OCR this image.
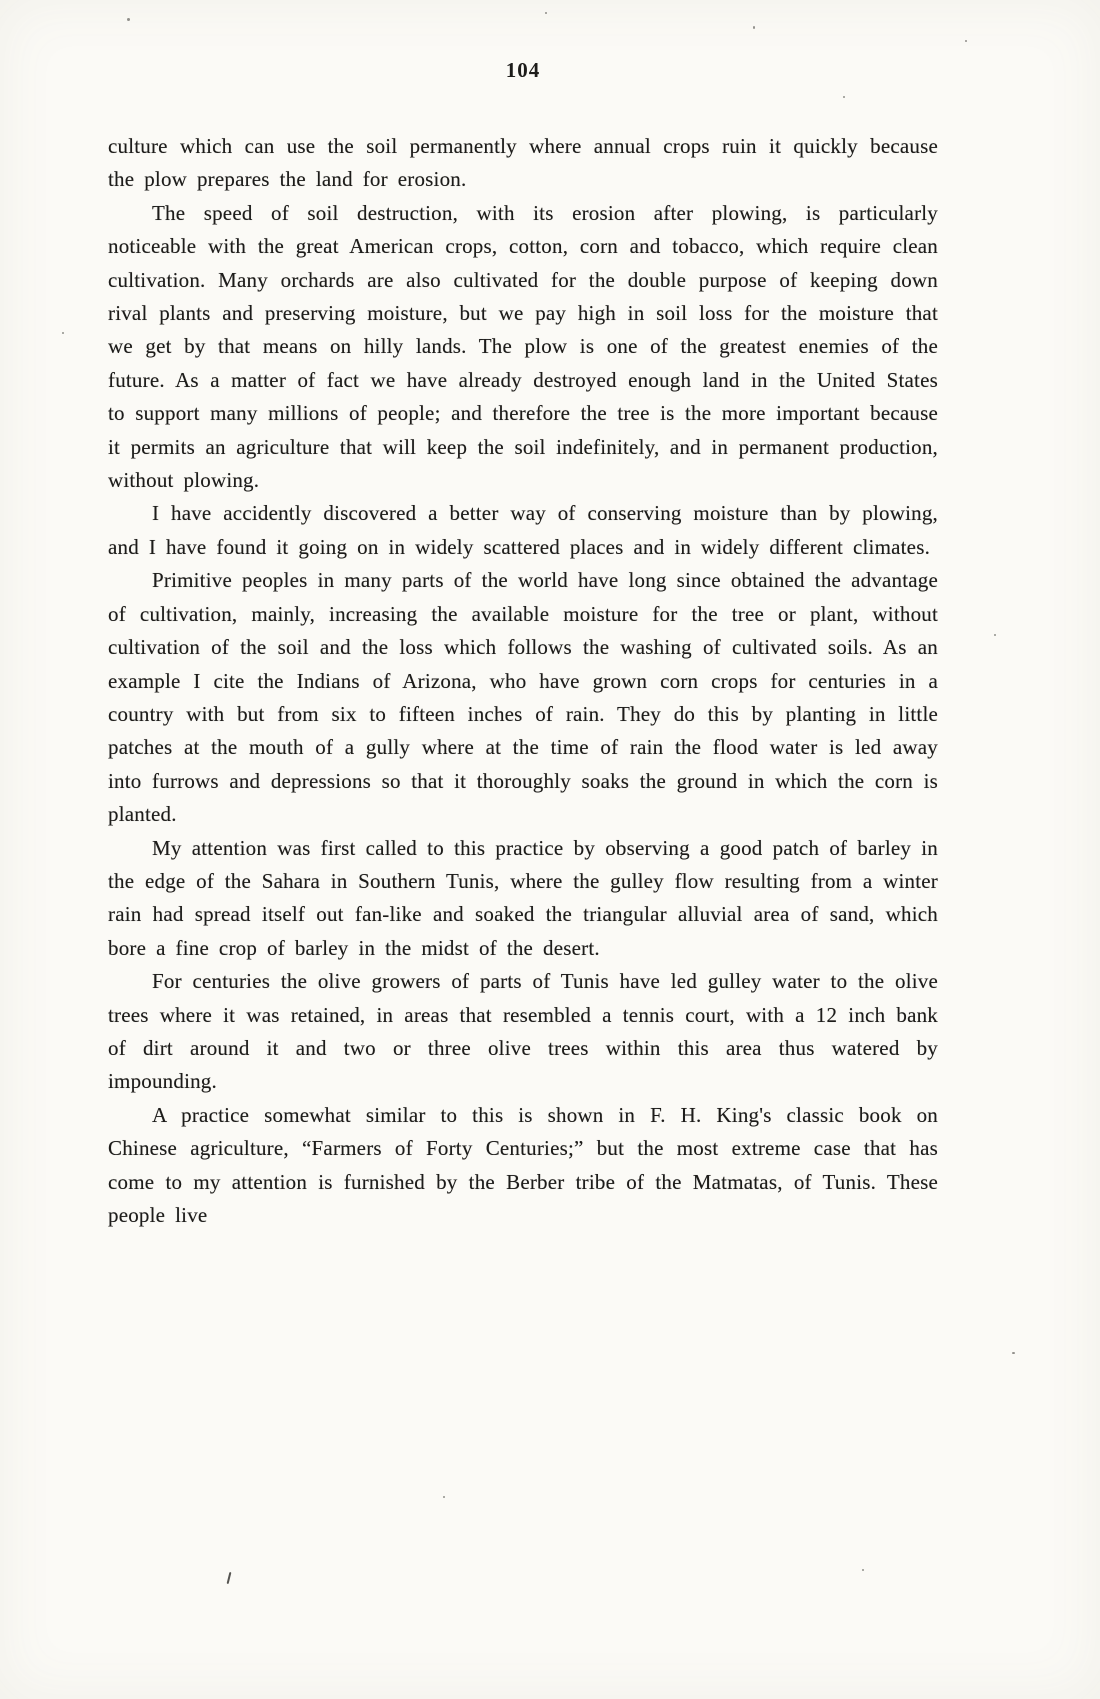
104

culture which can use the soil permanently where annual crops ruin it quickly because the plow prepares the land for erosion.

The speed of soil destruction, with its erosion after plowing, is particularly noticeable with the great American crops, cotton, corn and tobacco, which require clean cultivation. Many orchards are also cultivated for the double purpose of keeping down rival plants and preserving moisture, but we pay high in soil loss for the moisture that we get by that means on hilly lands. The plow is one of the greatest enemies of the future. As a matter of fact we have already destroyed enough land in the United States to support many millions of people; and therefore the tree is the more important because it permits an agriculture that will keep the soil indefinitely, and in permanent production, without plowing.

I have accidently discovered a better way of conserving moisture than by plowing, and I have found it going on in widely scattered places and in widely different climates.

Primitive peoples in many parts of the world have long since obtained the advantage of cultivation, mainly, increasing the available moisture for the tree or plant, without cultivation of the soil and the loss which follows the washing of cultivated soils. As an example I cite the Indians of Arizona, who have grown corn crops for centuries in a country with but from six to fifteen inches of rain. They do this by planting in little patches at the mouth of a gully where at the time of rain the flood water is led away into furrows and depressions so that it thoroughly soaks the ground in which the corn is planted.

My attention was first called to this practice by observing a good patch of barley in the edge of the Sahara in Southern Tunis, where the gulley flow resulting from a winter rain had spread itself out fan-like and soaked the triangular alluvial area of sand, which bore a fine crop of barley in the midst of the desert.

For centuries the olive growers of parts of Tunis have led gulley water to the olive trees where it was retained, in areas that resembled a tennis court, with a 12 inch bank of dirt around it and two or three olive trees within this area thus watered by impounding.

A practice somewhat similar to this is shown in F. H. King's classic book on Chinese agriculture, “Farmers of Forty Centuries;” but the most extreme case that has come to my attention is furnished by the Berber tribe of the Matmatas, of Tunis. These people live
